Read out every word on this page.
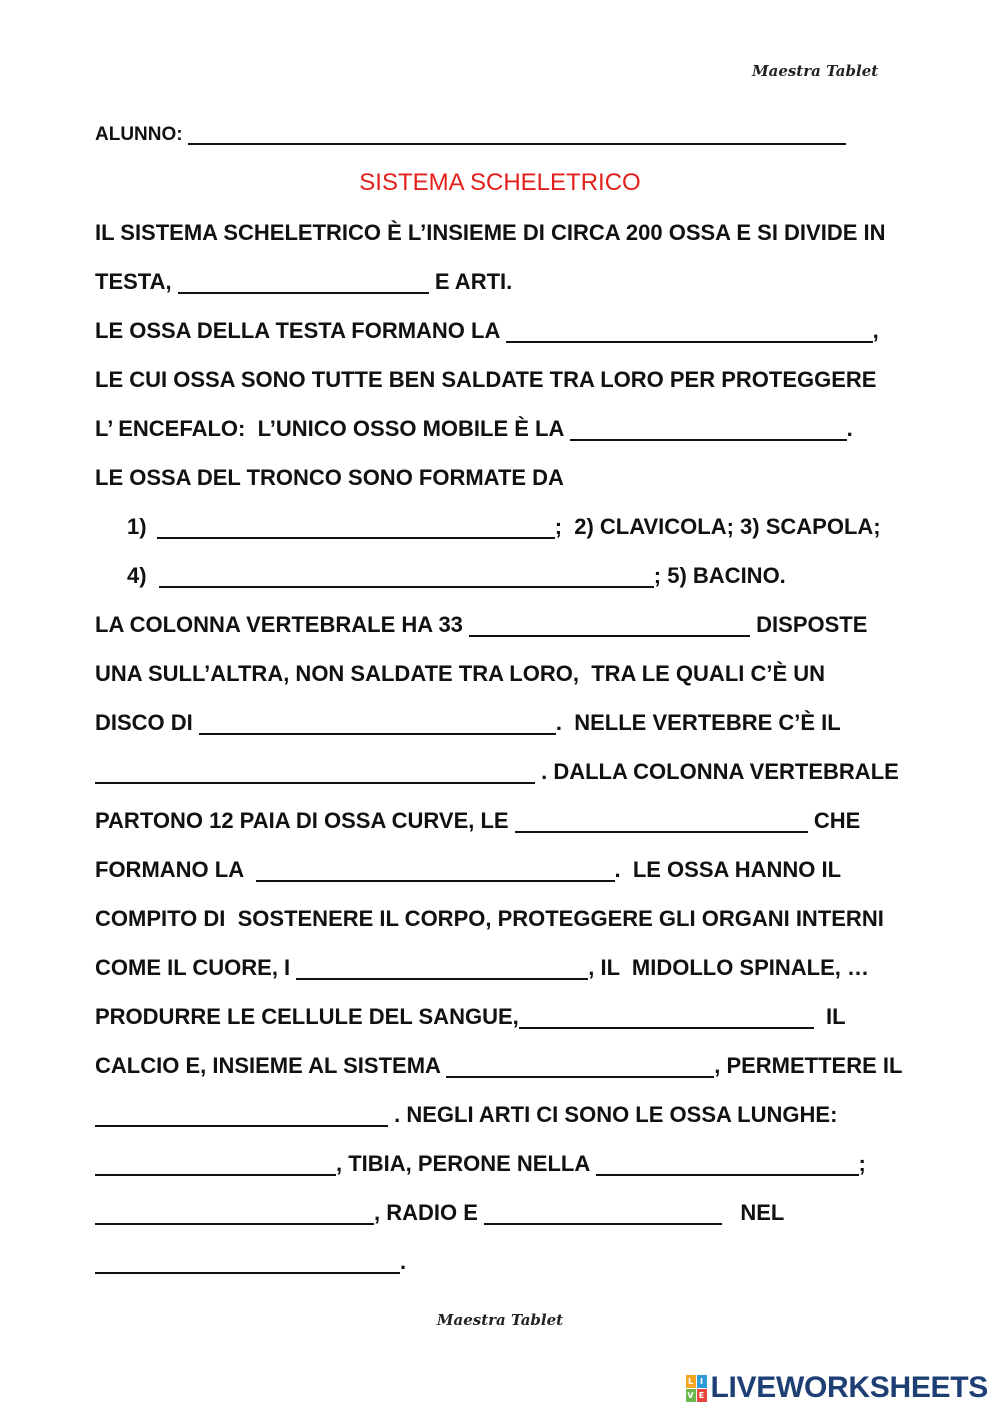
Maestra Tablet
ALUNNO:
SISTEMA SCHELETRICO
IL SISTEMA SCHELETRICO È L’INSIEME DI CIRCA 200 OSSA E SI DIVIDE IN
TESTA,	E ARTI.
LE OSSA DELLA TESTA FORMANO LA	,
LE CUI OSSA SONO TUTTE BEN SALDATE TRA LORO PER PROTEGGERE
L’ ENCEFALO:  L’UNICO OSSO MOBILE È LA	.
LE OSSA DEL TRONCO SONO FORMATE DA
1)	;  2) CLAVICOLA; 3) SCAPOLA;
4)	; 5) BACINO.
LA COLONNA VERTEBRALE HA 33	DISPOSTE
UNA SULL’ALTRA, NON SALDATE TRA LORO,  TRA LE QUALI C’È UN
DISCO DI	.  NELLE VERTEBRE C’È IL
. DALLA COLONNA VERTEBRALE
PARTONO 12 PAIA DI OSSA CURVE, LE	CHE
FORMANO LA	.  LE OSSA HANNO IL
COMPITO DI  SOSTENERE IL CORPO, PROTEGGERE GLI ORGANI INTERNI
COME IL CUORE, I	, IL  MIDOLLO SPINALE, …
PRODURRE LE CELLULE DEL SANGUE,	IL
CALCIO E, INSIEME AL SISTEMA	, PERMETTERE IL
. NEGLI ARTI CI SONO LE OSSA LUNGHE:
, TIBIA, PERONE NELLA	;
, RADIO E	NEL
.
Maestra Tablet
L I
V E LIVEWORKSHEETS
